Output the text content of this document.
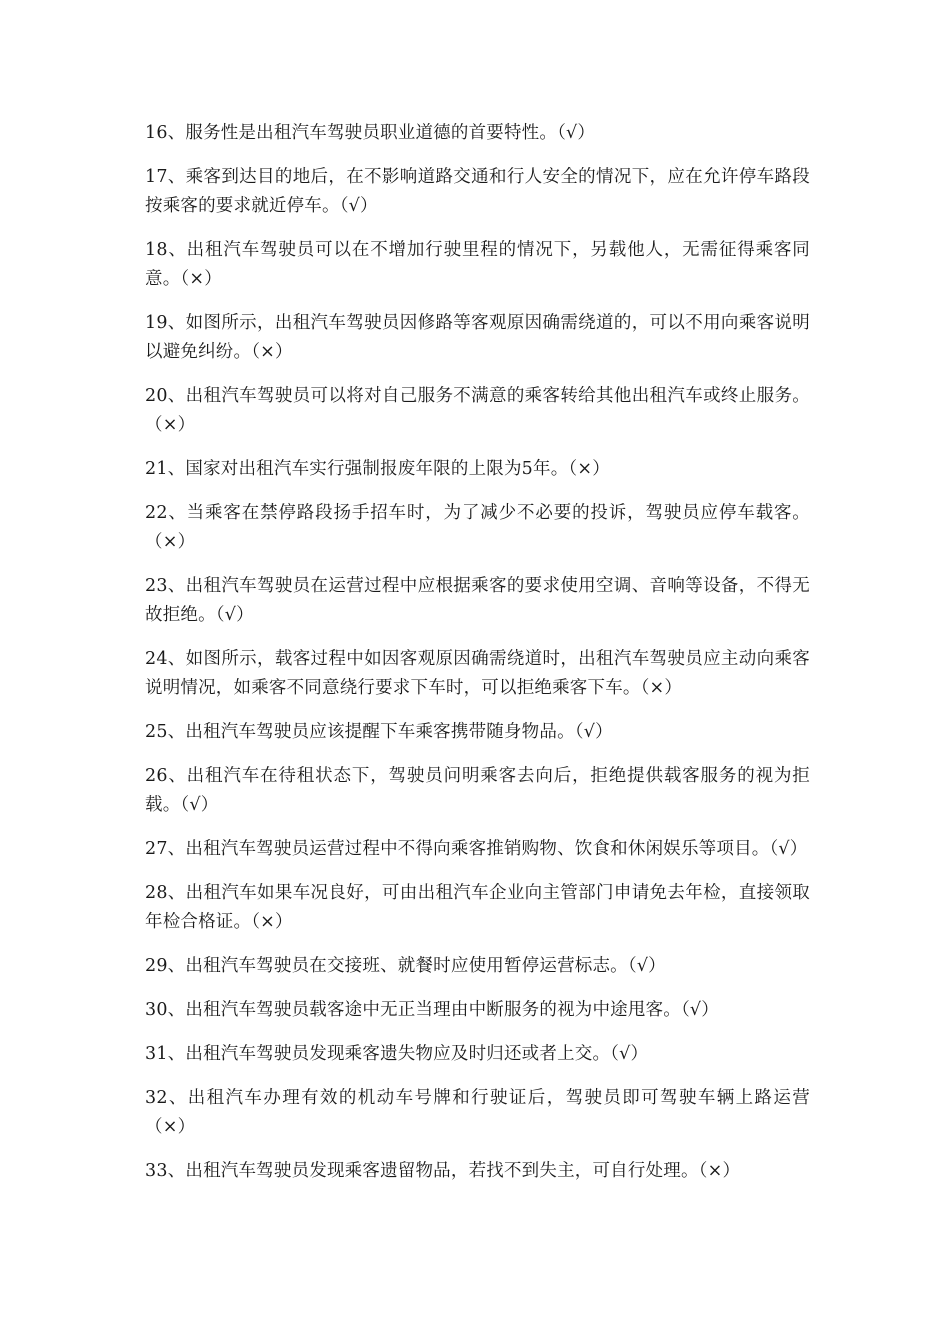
16、服务性是出租汽车驾驶员职业道德的首要特性。（√）

17、乘客到达目的地后，在不影响道路交通和行人安全的情况下，应在允许停车路段按乘客的要求就近停车。（√）

18、出租汽车驾驶员可以在不增加行驶里程的情况下，另载他人，无需征得乘客同意。（×）

19、如图所示，出租汽车驾驶员因修路等客观原因确需绕道的，可以不用向乘客说明以避免纠纷。（×）

20、出租汽车驾驶员可以将对自己服务不满意的乘客转给其他出租汽车或终止服务。（×）

21、国家对出租汽车实行强制报废年限的上限为5年。（×）

22、当乘客在禁停路段扬手招车时，为了减少不必要的投诉，驾驶员应停车载客。（×）

23、出租汽车驾驶员在运营过程中应根据乘客的要求使用空调、音响等设备，不得无故拒绝。（√）

24、如图所示，载客过程中如因客观原因确需绕道时，出租汽车驾驶员应主动向乘客说明情况，如乘客不同意绕行要求下车时，可以拒绝乘客下车。（×）

25、出租汽车驾驶员应该提醒下车乘客携带随身物品。（√）

26、出租汽车在待租状态下，驾驶员问明乘客去向后，拒绝提供载客服务的视为拒载。（√）

27、出租汽车驾驶员运营过程中不得向乘客推销购物、饮食和休闲娱乐等项目。（√）

28、出租汽车如果车况良好，可由出租汽车企业向主管部门申请免去年检，直接领取年检合格证。（×）

29、出租汽车驾驶员在交接班、就餐时应使用暂停运营标志。（√）

30、出租汽车驾驶员载客途中无正当理由中断服务的视为中途甩客。（√）

31、出租汽车驾驶员发现乘客遗失物应及时归还或者上交。（√）

32、出租汽车办理有效的机动车号牌和行驶证后，驾驶员即可驾驶车辆上路运营（×）

33、出租汽车驾驶员发现乘客遗留物品，若找不到失主，可自行处理。（×）
